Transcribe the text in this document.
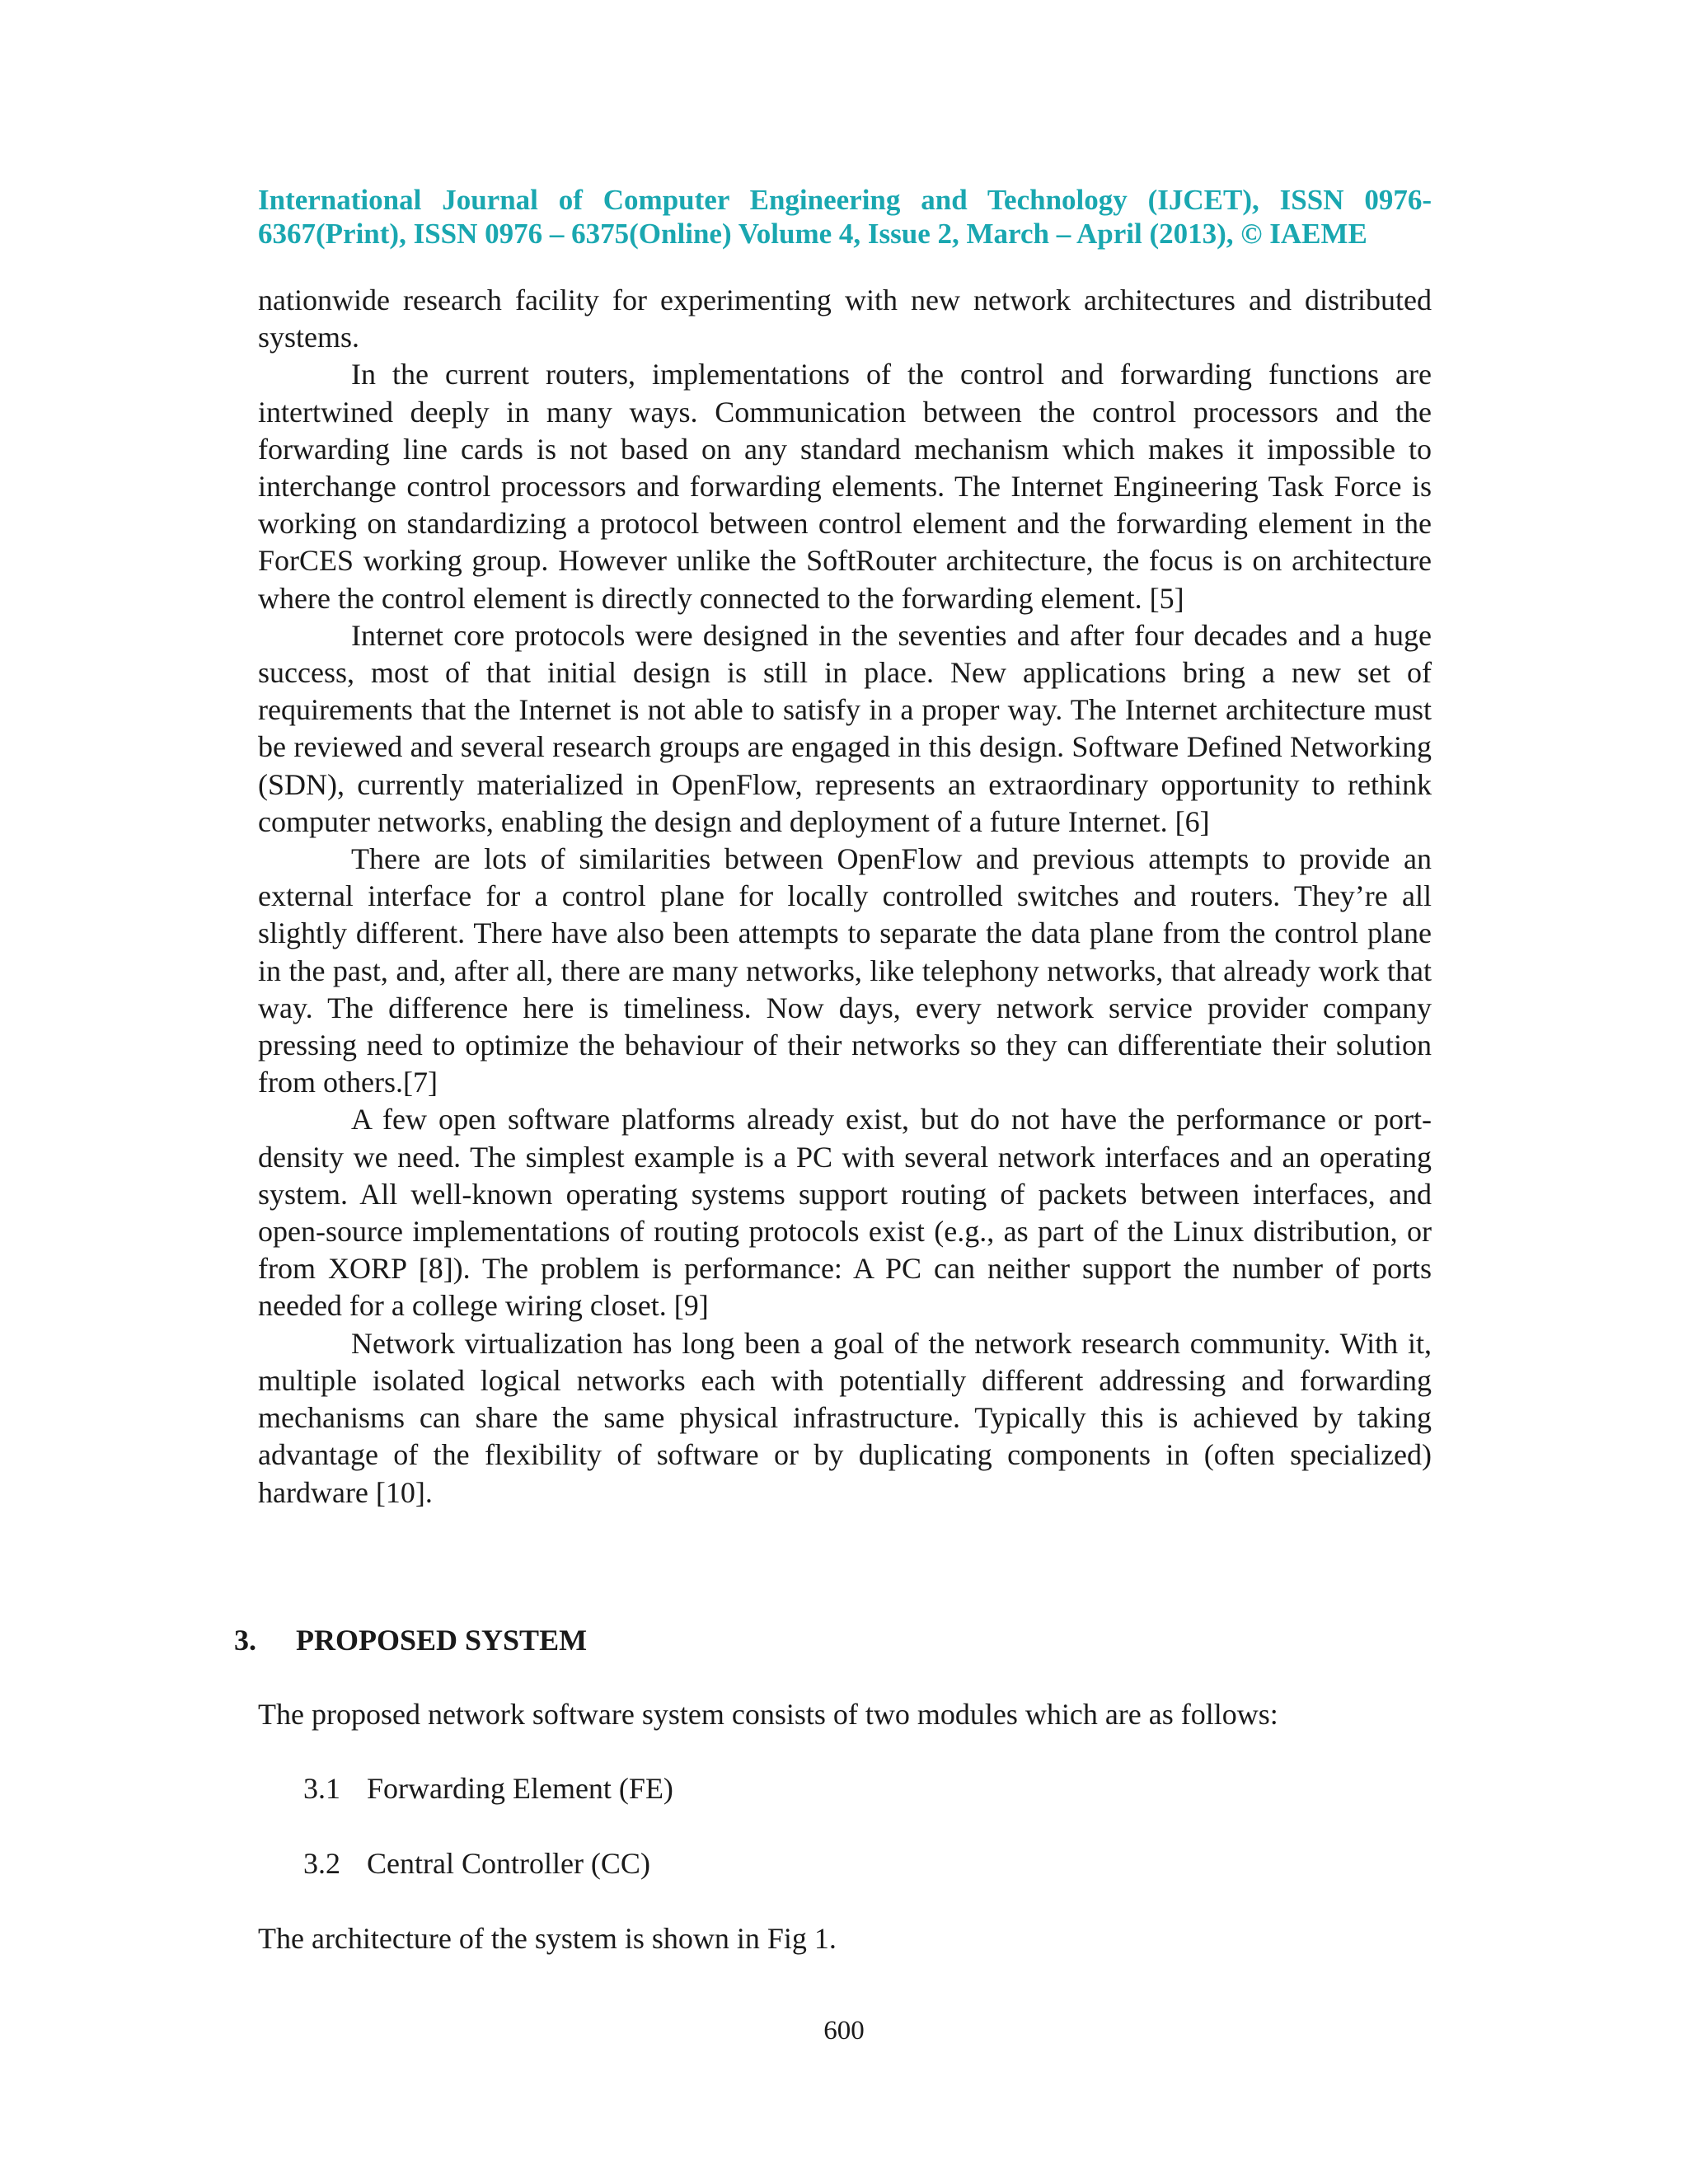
International Journal of Computer Engineering and Technology (IJCET), ISSN 0976-
6367(Print), ISSN 0976 – 6375(Online) Volume 4, Issue 2, March – April (2013), © IAEME

nationwide research facility for experimenting with new network architectures and distributed systems.

In the current routers, implementations of the control and forwarding functions are intertwined deeply in many ways. Communication between the control processors and the forwarding line cards is not based on any standard mechanism which makes it impossible to interchange control processors and forwarding elements. The Internet Engineering Task Force is working on standardizing a protocol between control element and the forwarding element in the ForCES working group. However unlike the SoftRouter architecture, the focus is on architecture where the control element is directly connected to the forwarding element. [5]

Internet core protocols were designed in the seventies and after four decades and a huge success, most of that initial design is still in place. New applications bring a new set of requirements that the Internet is not able to satisfy in a proper way. The Internet architecture must be reviewed and several research groups are engaged in this design. Software Defined Networking (SDN), currently materialized in OpenFlow, represents an extraordinary opportunity to rethink computer networks, enabling the design and deployment of a future Internet. [6]

There are lots of similarities between OpenFlow and previous attempts to provide an external interface for a control plane for locally controlled switches and routers. They’re all slightly different. There have also been attempts to separate the data plane from the control plane in the past, and, after all, there are many networks, like telephony networks, that already work that way. The difference here is timeliness. Now days, every network service provider company pressing need to optimize the behaviour of their networks so they can differentiate their solution from others.[7]

A few open software platforms already exist, but do not have the performance or port-density we need. The simplest example is a PC with several network interfaces and an operating system. All well-known operating systems support routing of packets between interfaces, and open-source implementations of routing protocols exist (e.g., as part of the Linux distribution, or from XORP [8]). The problem is performance: A PC can neither support the number of ports needed for a college wiring closet. [9]

Network virtualization has long been a goal of the network research community. With it, multiple isolated logical networks each with potentially different addressing and forwarding mechanisms can share the same physical infrastructure. Typically this is achieved by taking advantage of the flexibility of software or by duplicating components in (often specialized) hardware [10].

3. PROPOSED SYSTEM
The proposed network software system consists of two modules which are as follows:
3.1 Forwarding Element (FE)
3.2 Central Controller (CC)
The architecture of the system is shown in Fig 1.
600
